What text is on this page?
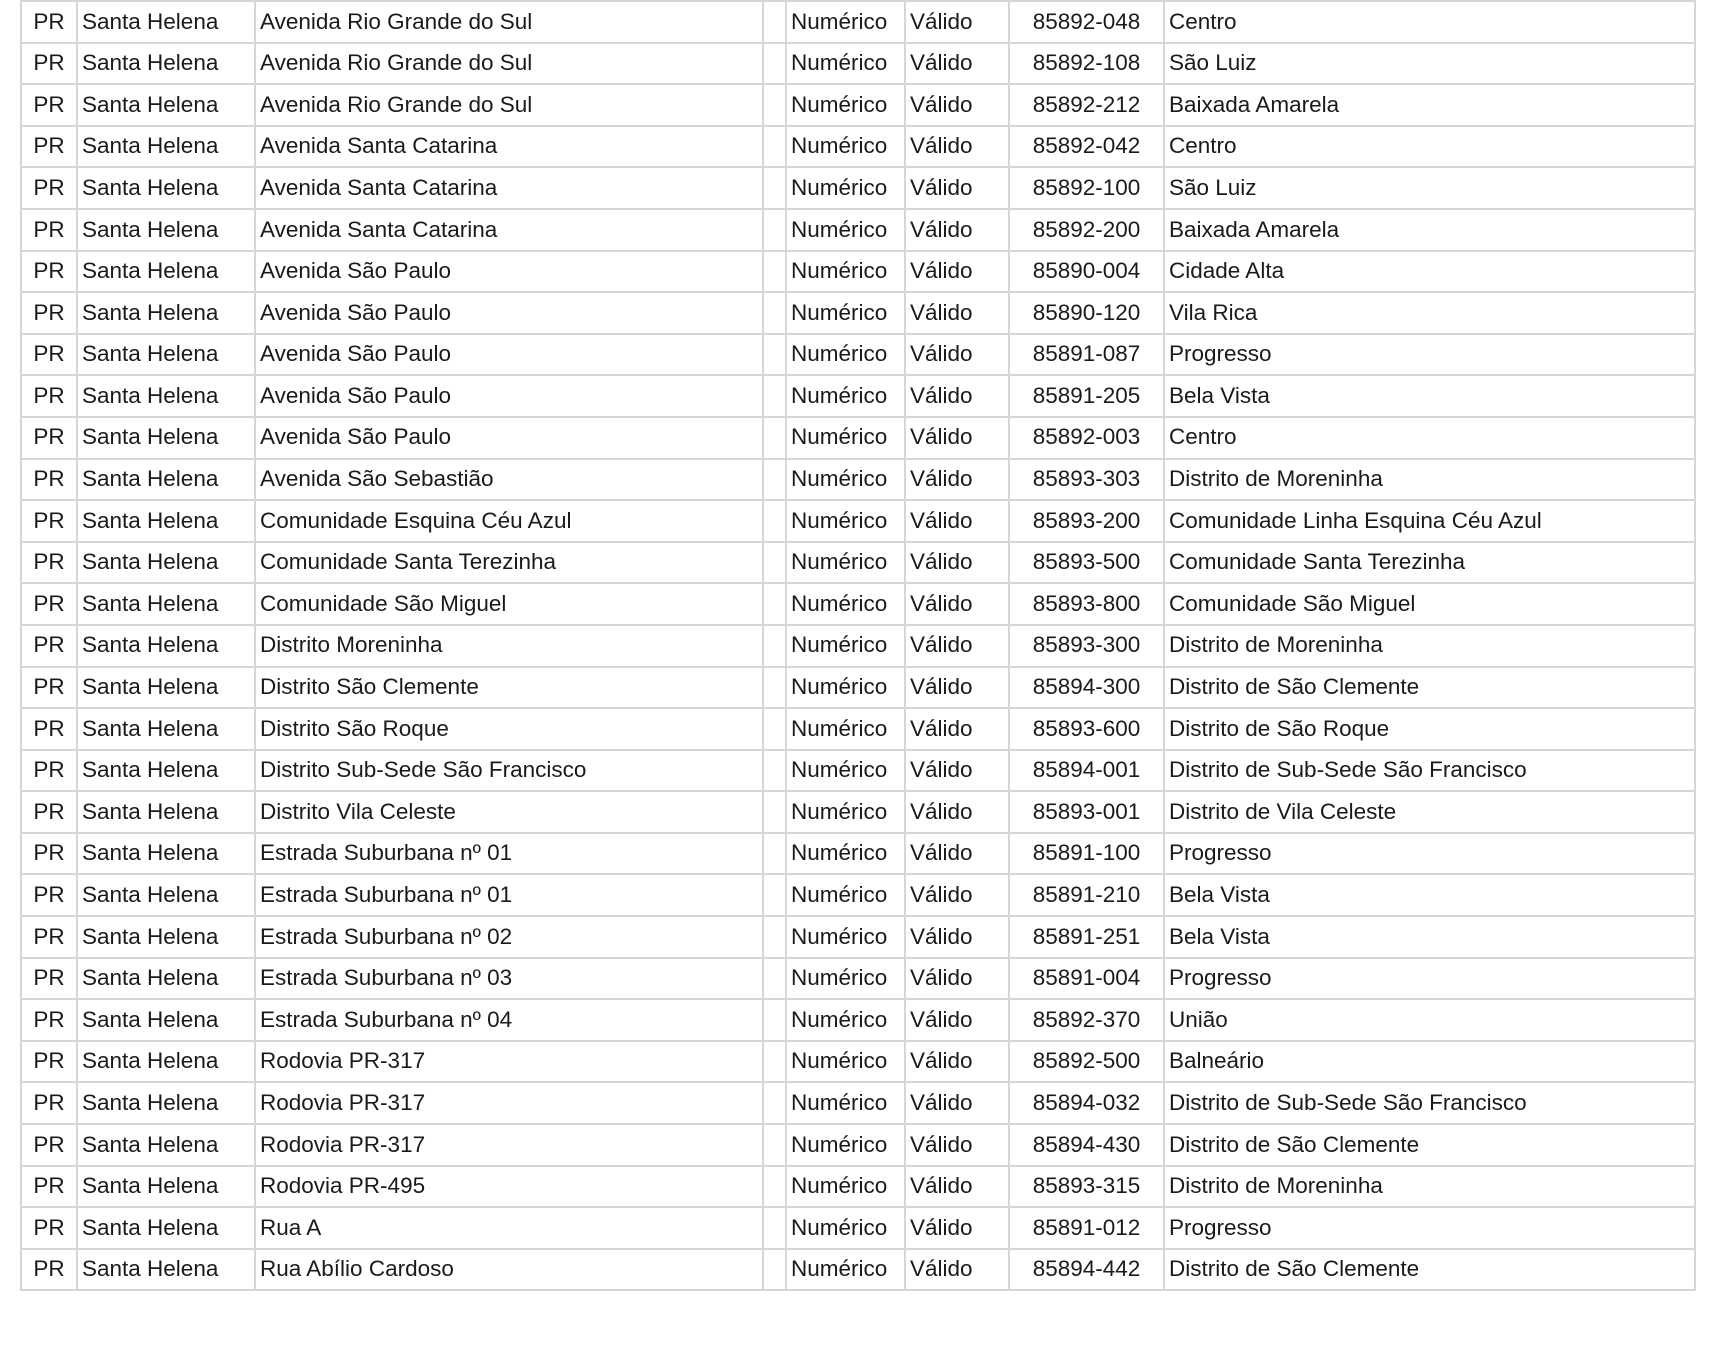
PR	Santa Helena	Avenida Rio Grande do Sul		Numérico	Válido	85892-048	Centro
PR	Santa Helena	Avenida Rio Grande do Sul		Numérico	Válido	85892-108	São Luiz
PR	Santa Helena	Avenida Rio Grande do Sul		Numérico	Válido	85892-212	Baixada Amarela
PR	Santa Helena	Avenida Santa Catarina		Numérico	Válido	85892-042	Centro
PR	Santa Helena	Avenida Santa Catarina		Numérico	Válido	85892-100	São Luiz
PR	Santa Helena	Avenida Santa Catarina		Numérico	Válido	85892-200	Baixada Amarela
PR	Santa Helena	Avenida São Paulo		Numérico	Válido	85890-004	Cidade Alta
PR	Santa Helena	Avenida São Paulo		Numérico	Válido	85890-120	Vila Rica
PR	Santa Helena	Avenida São Paulo		Numérico	Válido	85891-087	Progresso
PR	Santa Helena	Avenida São Paulo		Numérico	Válido	85891-205	Bela Vista
PR	Santa Helena	Avenida São Paulo		Numérico	Válido	85892-003	Centro
PR	Santa Helena	Avenida São Sebastião		Numérico	Válido	85893-303	Distrito de Moreninha
PR	Santa Helena	Comunidade Esquina Céu Azul		Numérico	Válido	85893-200	Comunidade Linha Esquina Céu Azul
PR	Santa Helena	Comunidade Santa Terezinha		Numérico	Válido	85893-500	Comunidade Santa Terezinha
PR	Santa Helena	Comunidade São Miguel		Numérico	Válido	85893-800	Comunidade São Miguel
PR	Santa Helena	Distrito Moreninha		Numérico	Válido	85893-300	Distrito de Moreninha
PR	Santa Helena	Distrito São Clemente		Numérico	Válido	85894-300	Distrito de São Clemente
PR	Santa Helena	Distrito São Roque		Numérico	Válido	85893-600	Distrito de São Roque
PR	Santa Helena	Distrito Sub-Sede São Francisco		Numérico	Válido	85894-001	Distrito de Sub-Sede São Francisco
PR	Santa Helena	Distrito Vila Celeste		Numérico	Válido	85893-001	Distrito de Vila Celeste
PR	Santa Helena	Estrada Suburbana nº 01		Numérico	Válido	85891-100	Progresso
PR	Santa Helena	Estrada Suburbana nº 01		Numérico	Válido	85891-210	Bela Vista
PR	Santa Helena	Estrada Suburbana nº 02		Numérico	Válido	85891-251	Bela Vista
PR	Santa Helena	Estrada Suburbana nº 03		Numérico	Válido	85891-004	Progresso
PR	Santa Helena	Estrada Suburbana nº 04		Numérico	Válido	85892-370	União
PR	Santa Helena	Rodovia PR-317		Numérico	Válido	85892-500	Balneário
PR	Santa Helena	Rodovia PR-317		Numérico	Válido	85894-032	Distrito de Sub-Sede São Francisco
PR	Santa Helena	Rodovia PR-317		Numérico	Válido	85894-430	Distrito de São Clemente
PR	Santa Helena	Rodovia PR-495		Numérico	Válido	85893-315	Distrito de Moreninha
PR	Santa Helena	Rua A		Numérico	Válido	85891-012	Progresso
PR	Santa Helena	Rua Abílio Cardoso		Numérico	Válido	85894-442	Distrito de São Clemente
